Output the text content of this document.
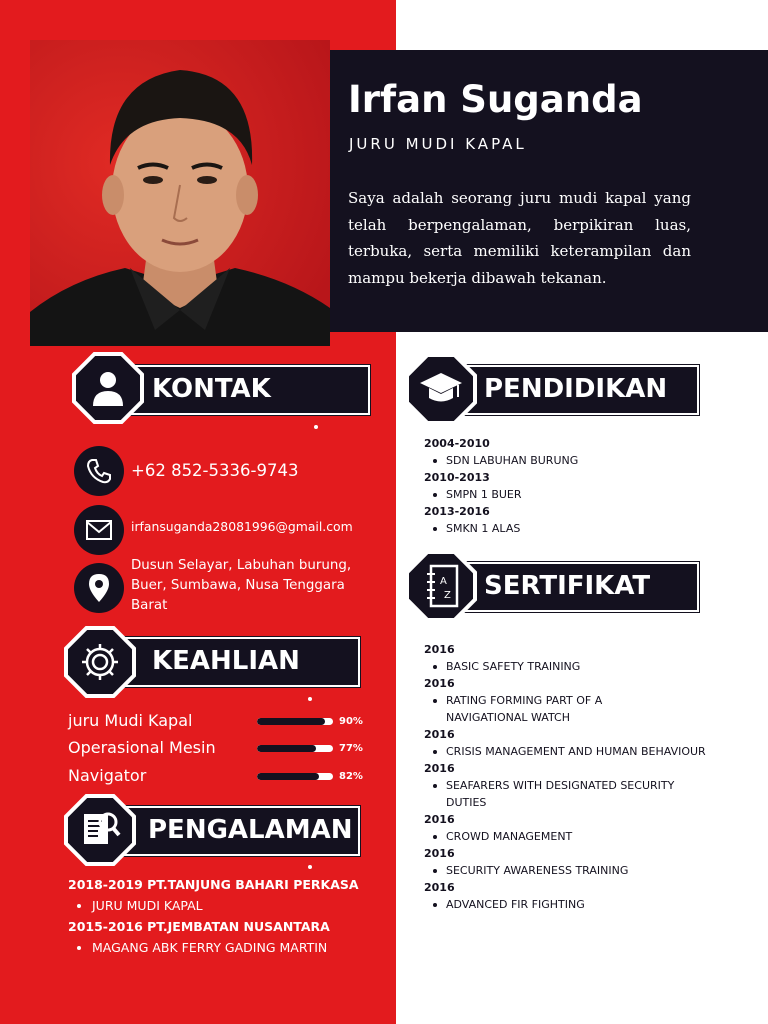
Irfan Suganda
JURU MUDI KAPAL
Saya adalah seorang juru mudi kapal yang telah berpengalaman, berpikiran luas, terbuka, serta memiliki keterampilan dan mampu bekerja dibawah tekanan.
KONTAK
+62 852-5336-9743
irfansuganda28081996@gmail.com
Dusun Selayar, Labuhan burung,
Buer, Sumbawa, Nusa Tenggara
Barat
KEAHLIAN
juru Mudi Kapal	90%
Operasional Mesin	77%
Navigator	82%
PENGALAMAN
2018-2019 PT.TANJUNG BAHARI PERKASA
• JURU MUDI KAPAL
2015-2016 PT.JEMBATAN NUSANTARA
• MAGANG ABK FERRY GADING MARTIN
PENDIDIKAN
2004-2010
SDN LABUHAN BURUNG
2010-2013
SMPN 1 BUER
2013-2016
SMKN 1 ALAS
A
Z SERTIFIKAT
2016
BASIC SAFETY TRAINING
2016
RATING FORMING PART OF A NAVIGATIONAL WATCH
2016
CRISIS MANAGEMENT AND HUMAN BEHAVIOUR
2016
SEAFARERS WITH DESIGNATED SECURITY DUTIES
2016
CROWD MANAGEMENT
2016
SECURITY AWARENESS TRAINING
2016
ADVANCED FIR FIGHTING
